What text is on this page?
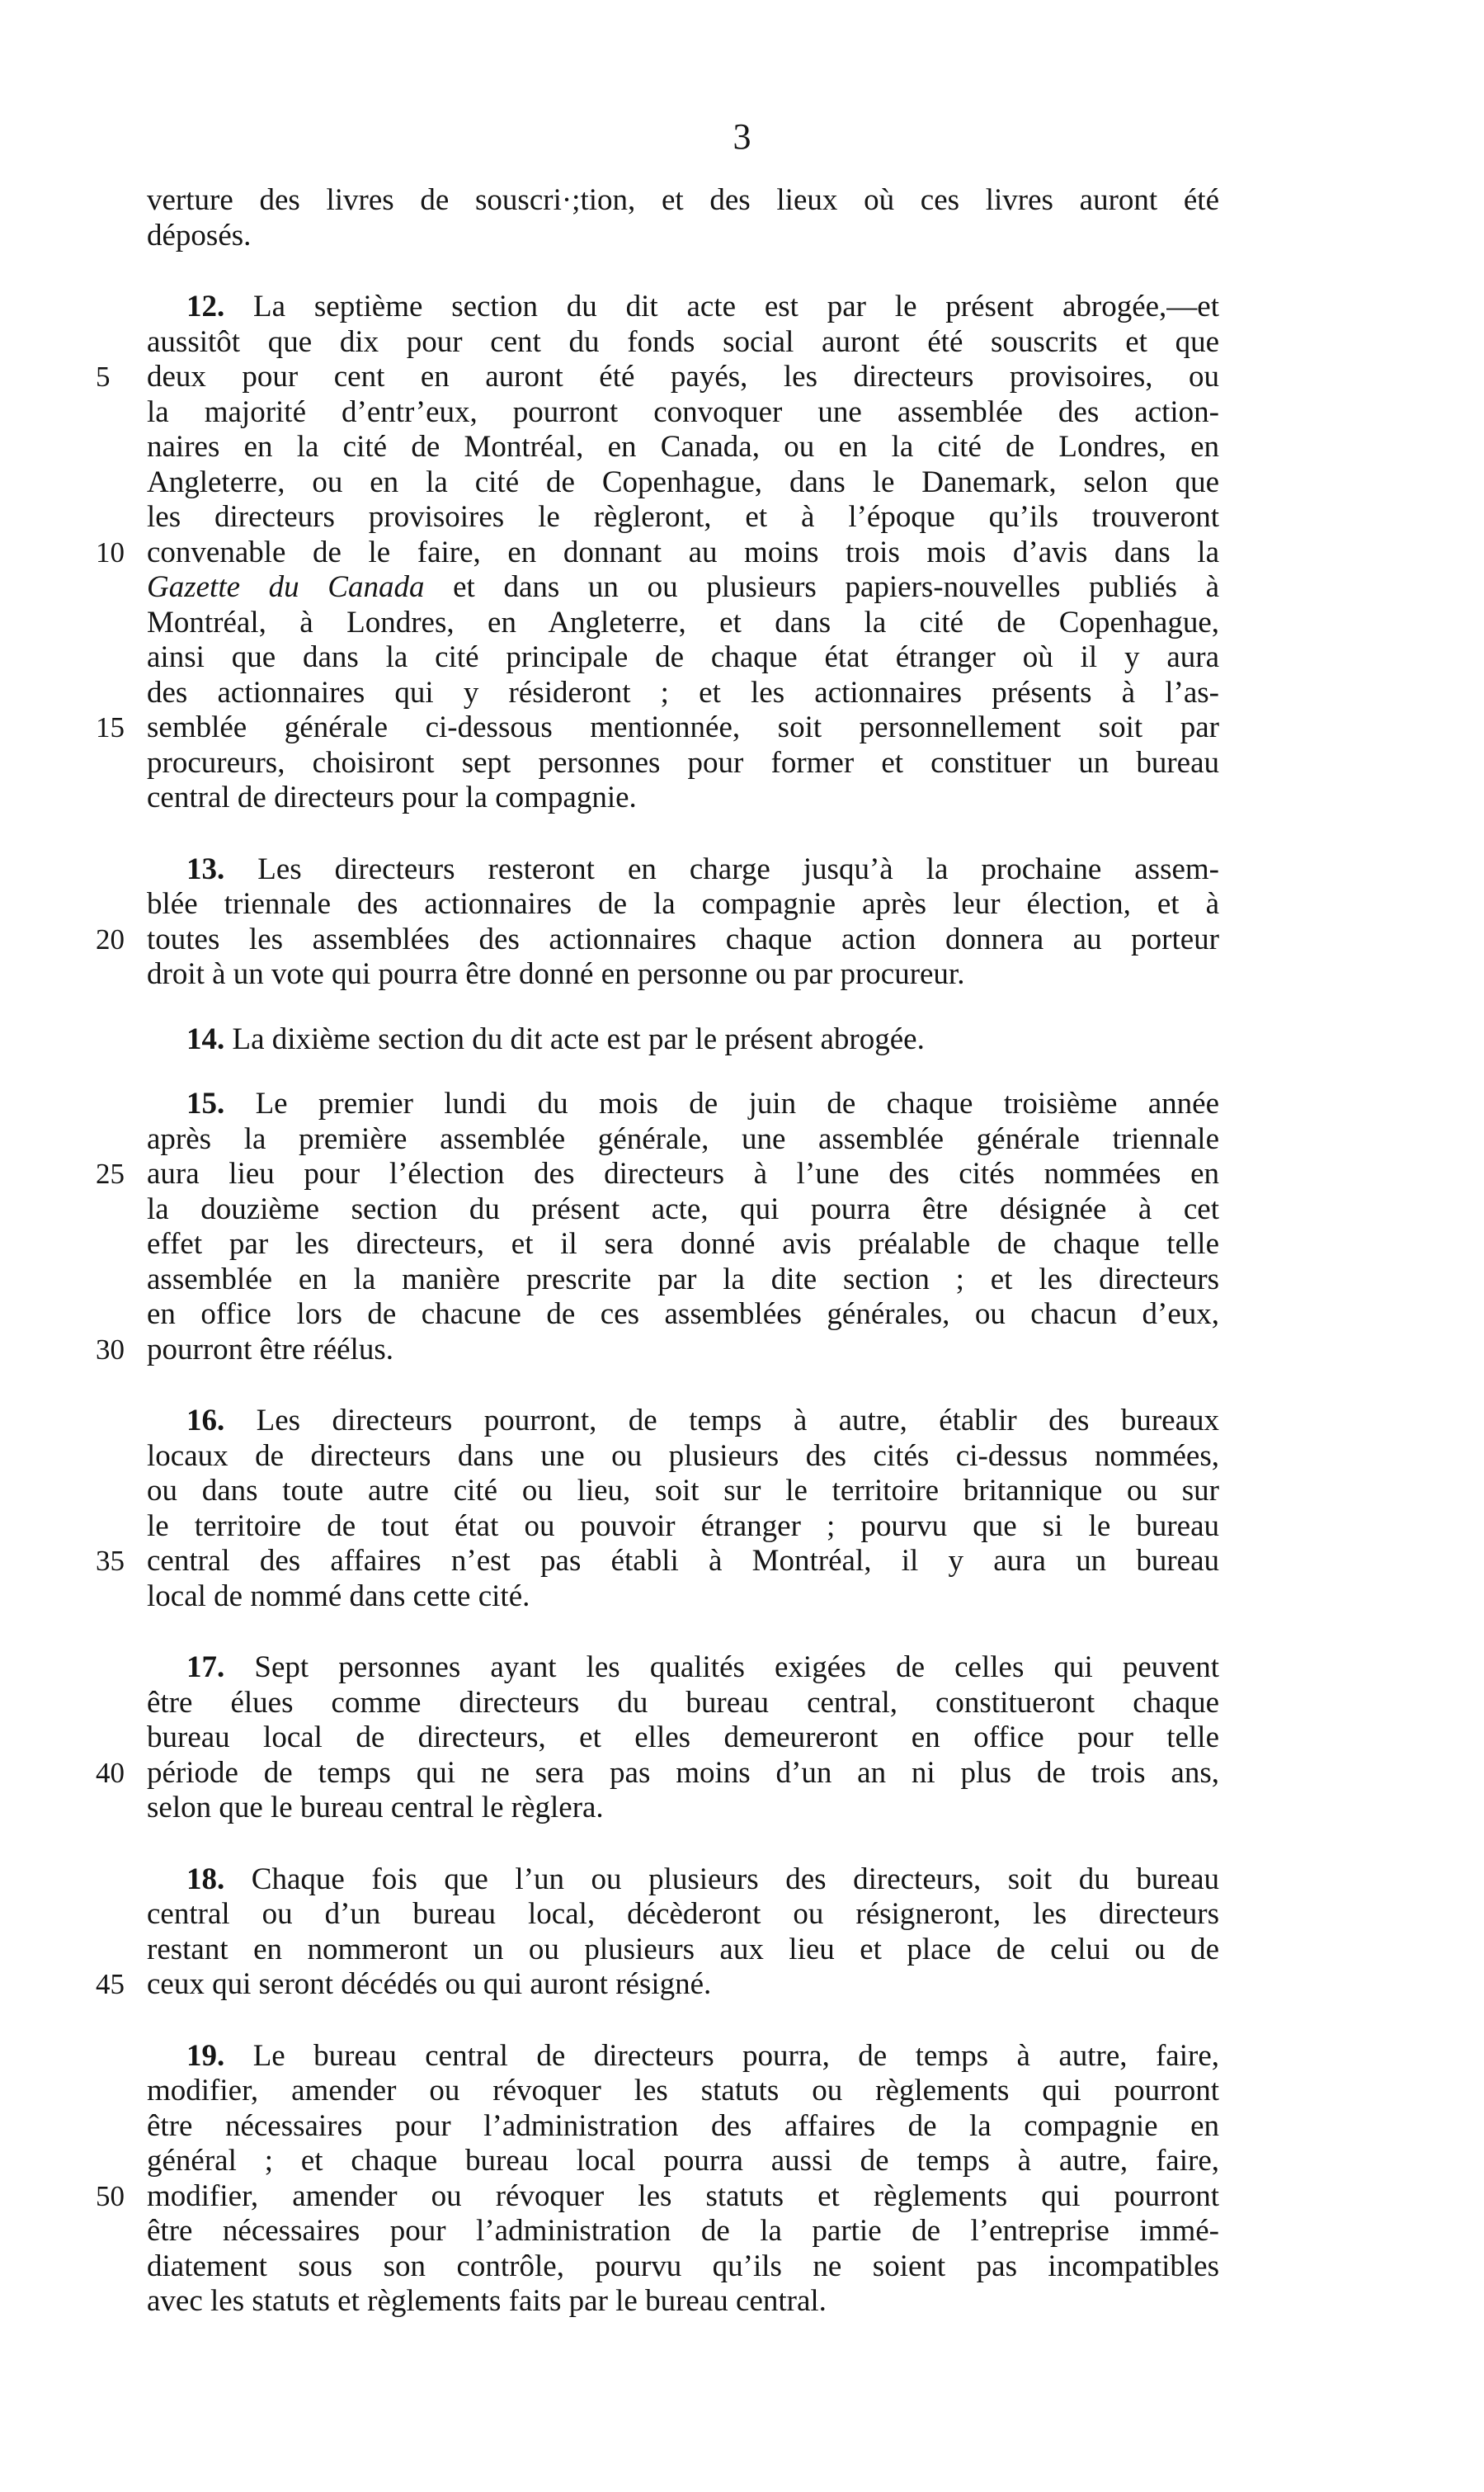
3
verture des livres de souscri·;tion, et des lieux où ces livres auront été
déposés.
12. La septième section du dit acte est par le présent abrogée,—et
aussitôt que dix pour cent du fonds social auront été souscrits et que
5	deux pour cent en auront été payés, les directeurs provisoires, ou
la majorité d’entr’eux, pourront convoquer une assemblée des action-
naires en la cité de Montréal, en Canada, ou en la cité de Londres, en
Angleterre, ou en la cité de Copenhague, dans le Danemark, selon que
les directeurs provisoires le règleront, et à l’époque qu’ils trouveront
10 convenable de le faire, en donnant au moins trois mois d’avis dans la
Gazette du Canada et dans un ou plusieurs papiers-nouvelles publiés à
Montréal, à Londres, en Angleterre, et dans la cité de Copenhague,
ainsi que dans la cité principale de chaque état étranger où il y aura
des actionnaires qui y résideront ; et les actionnaires présents à l’as-
15 semblée générale ci-dessous mentionnée, soit personnellement soit par
procureurs, choisiront sept personnes pour former et constituer un bureau
central de directeurs pour la compagnie.
13. Les directeurs resteront en charge jusqu’à la prochaine assem-
blée triennale des actionnaires de la compagnie après leur élection, et à
20 toutes les assemblées des actionnaires chaque action donnera au porteur
droit à un vote qui pourra être donné en personne ou par procureur.
14. La dixième section du dit acte est par le présent abrogée.
15. Le premier lundi du mois de juin de chaque troisième année
après la première assemblée générale, une assemblée générale triennale
25 aura lieu pour l’élection des directeurs à l’une des cités nommées en
la douzième section du présent acte, qui pourra être désignée à cet
effet par les directeurs, et il sera donné avis préalable de chaque telle
assemblée en la manière prescrite par la dite section ; et les directeurs
en office lors de chacune de ces assemblées générales, ou chacun d’eux,
30 pourront être réélus.
16. Les directeurs pourront, de temps à autre, établir des bureaux
locaux de directeurs dans une ou plusieurs des cités ci-dessus nommées,
ou dans toute autre cité ou lieu, soit sur le territoire britannique ou sur
le territoire de tout état ou pouvoir étranger ; pourvu que si le bureau
35 central des affaires n’est pas établi à Montréal, il y aura un bureau
local de nommé dans cette cité.
17. Sept personnes ayant les qualités exigées de celles qui peuvent
être élues comme directeurs du bureau central, constitueront chaque
bureau local de directeurs, et elles demeureront en office pour telle
40 période de temps qui ne sera pas moins d’un an ni plus de trois ans,
selon que le bureau central le règlera.
18. Chaque fois que l’un ou plusieurs des directeurs, soit du bureau
central ou d’un bureau local, décèderont ou résigneront, les directeurs
restant en nommeront un ou plusieurs aux lieu et place de celui ou de
45 ceux qui seront décédés ou qui auront résigné.
19. Le bureau central de directeurs pourra, de temps à autre, faire,
modifier, amender ou révoquer les statuts ou règlements qui pourront
être nécessaires pour l’administration des affaires de la compagnie en
général ; et chaque bureau local pourra aussi de temps à autre, faire,
50 modifier, amender ou révoquer les statuts et règlements qui pourront
être nécessaires pour l’administration de la partie de l’entreprise immé-
diatement sous son contrôle, pourvu qu’ils ne soient pas incompatibles
avec les statuts et règlements faits par le bureau central.
